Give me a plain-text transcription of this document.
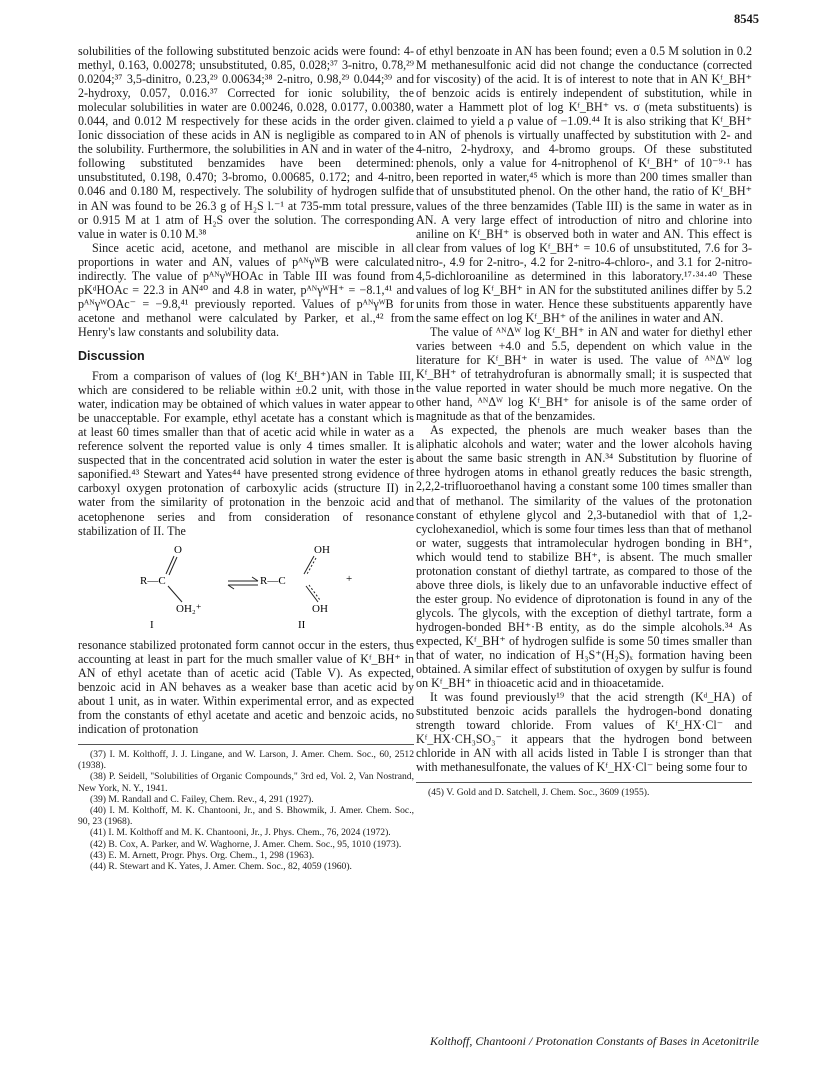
8545

solubilities of the following substituted benzoic acids were found: 4-methyl, 0.163, 0.00278; unsubstituted, 0.85, 0.028;³⁷ 3-nitro, 0.78,²⁹ 0.0204;³⁷ 3,5-dinitro, 0.23,²⁹ 0.00634;³⁸ 2-nitro, 0.98,²⁹ 0.044;³⁹ and 2-hydroxy, 0.057, 0.016.³⁷ Corrected for ionic solubility, the molecular solubilities in water are 0.00246, 0.028, 0.0177, 0.00380, 0.044, and 0.012 M respectively for these acids in the order given. Ionic dissociation of these acids in AN is negligible as compared to the solubility. Furthermore, the solubilities in AN and in water of the following substituted benzamides have been determined: unsubstituted, 0.198, 0.470; 3-bromo, 0.00685, 0.172; and 4-nitro, 0.046 and 0.180 M, respectively. The solubility of hydrogen sulfide in AN was found to be 26.3 g of H₂S l.⁻¹ at 735-mm total pressure, or 0.915 M at 1 atm of H₂S over the solution. The corresponding value in water is 0.10 M.³⁸

Since acetic acid, acetone, and methanol are miscible in all proportions in water and AN, values of pᴬᴺγᵂB were calculated indirectly. The value of pᴬᴺγᵂHOAc in Table III was found from pKᵈHOAc = 22.3 in AN⁴⁰ and 4.8 in water, pᴬᴺγᵂH⁺ = −8.1,⁴¹ and pᴬᴺγᵂOAc⁻ = −9.8,⁴¹ previously reported. Values of pᴬᴺγᵂB for acetone and methanol were calculated by Parker, et al.,⁴² from Henry's law constants and solubility data.

Discussion

From a comparison of values of (log Kᶠ_BH⁺)AN in Table III, which are considered to be reliable within ±0.2 unit, with those in water, indication may be obtained of which values in water appear to be unacceptable. For example, ethyl acetate has a constant which is at least 60 times smaller than that of acetic acid while in water as a reference solvent the reported value is only 4 times smaller. It is suspected that in the concentrated acid solution in water the ester is saponified.⁴³ Stewart and Yates⁴⁴ have presented strong evidence of carboxyl oxygen protonation of carboxylic acids (structure II) in water from the similarity of protonation in the benzoic acid and acetophenone series and from consideration of resonance stabilization of II. The

O
R—C
OH₂⁺
I
OH
R—C	+
OH
II

resonance stabilized protonated form cannot occur in the esters, thus accounting at least in part for the much smaller value of Kᶠ_BH⁺ in AN of ethyl acetate than of acetic acid (Table V). As expected, benzoic acid in AN behaves as a weaker base than acetic acid by about 1 unit, as in water. Within experimental error, and as expected from the constants of ethyl acetate and acetic and benzoic acids, no indication of protonation

(37) I. M. Kolthoff, J. J. Lingane, and W. Larson, J. Amer. Chem. Soc., 60, 2512 (1938).
(38) P. Seidell, "Solubilities of Organic Compounds," 3rd ed, Vol. 2, Van Nostrand, New York, N. Y., 1941.
(39) M. Randall and C. Failey, Chem. Rev., 4, 291 (1927).
(40) I. M. Kolthoff, M. K. Chantooni, Jr., and S. Bhowmik, J. Amer. Chem. Soc., 90, 23 (1968).
(41) I. M. Kolthoff and M. K. Chantooni, Jr., J. Phys. Chem., 76, 2024 (1972).
(42) B. Cox, A. Parker, and W. Waghorne, J. Amer. Chem. Soc., 95, 1010 (1973).
(43) E. M. Arnett, Progr. Phys. Org. Chem., 1, 298 (1963).
(44) R. Stewart and K. Yates, J. Amer. Chem. Soc., 82, 4059 (1960).

of ethyl benzoate in AN has been found; even a 0.5 M solution in 0.2 M methanesulfonic acid did not change the conductance (corrected for viscosity) of the acid. It is of interest to note that in AN Kᶠ_BH⁺ of benzoic acids is entirely independent of substitution, while in water a Hammett plot of log Kᶠ_BH⁺ vs. σ (meta substituents) is claimed to yield a ρ value of −1.09.⁴⁴ It is also striking that Kᶠ_BH⁺ in AN of phenols is virtually unaffected by substitution with 2- and 4-nitro, 2-hydroxy, and 4-bromo groups. Of these substituted phenols, only a value for 4-nitrophenol of Kᶠ_BH⁺ of 10⁻⁹·¹ has been reported in water,⁴⁵ which is more than 200 times smaller than that of unsubstituted phenol. On the other hand, the ratio of Kᶠ_BH⁺ values of the three benzamides (Table III) is the same in water as in AN. A very large effect of introduction of nitro and chlorine into aniline on Kᶠ_BH⁺ is observed both in water and AN. This effect is clear from values of log Kᶠ_BH⁺ = 10.6 of unsubstituted, 7.6 for 3-nitro-, 4.9 for 2-nitro-, 4.2 for 2-nitro-4-chloro-, and 3.1 for 2-nitro-4,5-dichloroaniline as determined in this laboratory.¹⁷·³⁴·⁴⁰ These values of log Kᶠ_BH⁺ in AN for the substituted anilines differ by 5.2 units from those in water. Hence these substituents apparently have the same effect on log Kᶠ_BH⁺ of the anilines in water and AN.

The value of ᴬᴺΔᵂ log Kᶠ_BH⁺ in AN and water for diethyl ether varies between +4.0 and 5.5, dependent on which value in the literature for Kᶠ_BH⁺ in water is used. The value of ᴬᴺΔᵂ log Kᶠ_BH⁺ of tetrahydrofuran is abnormally small; it is suspected that the value reported in water should be much more negative. On the other hand, ᴬᴺΔᵂ log Kᶠ_BH⁺ for anisole is of the same order of magnitude as that of the benzamides.

As expected, the phenols are much weaker bases than the aliphatic alcohols and water; water and the lower alcohols having about the same basic strength in AN.³⁴ Substitution by fluorine of three hydrogen atoms in ethanol greatly reduces the basic strength, 2,2,2-trifluoroethanol having a constant some 100 times smaller than that of methanol. The similarity of the values of the protonation constant of ethylene glycol and 2,3-butanediol with that of 1,2-cyclohexanediol, which is some four times less than that of methanol or water, suggests that intramolecular hydrogen bonding in BH⁺, which would tend to stabilize BH⁺, is absent. The much smaller protonation constant of diethyl tartrate, as compared to those of the above three diols, is likely due to an unfavorable inductive effect of the ester group. No evidence of diprotonation is found in any of the glycols. The glycols, with the exception of diethyl tartrate, form a hydrogen-bonded BH⁺·B entity, as do the simple alcohols.³⁴ As expected, Kᶠ_BH⁺ of hydrogen sulfide is some 50 times smaller than that of water, no indication of H₃S⁺(H₂S)ₓ formation having been obtained. A similar effect of substitution of oxygen by sulfur is found on Kᶠ_BH⁺ in thioacetic acid and in thioacetamide.

It was found previously¹⁹ that the acid strength (Kᵈ_HA) of substituted benzoic acids parallels the hydrogen-bond donating strength toward chloride. From values of Kᶠ_HX·Cl⁻ and Kᶠ_HX·CH₃SO₃⁻ it appears that the hydrogen bond between chloride in AN with all acids listed in Table I is stronger than that with methanesulfonate, the values of Kᶠ_HX·Cl⁻ being some four to

(45) V. Gold and D. Satchell, J. Chem. Soc., 3609 (1955).
Kolthoff, Chantooni / Protonation Constants of Bases in Acetonitrile
